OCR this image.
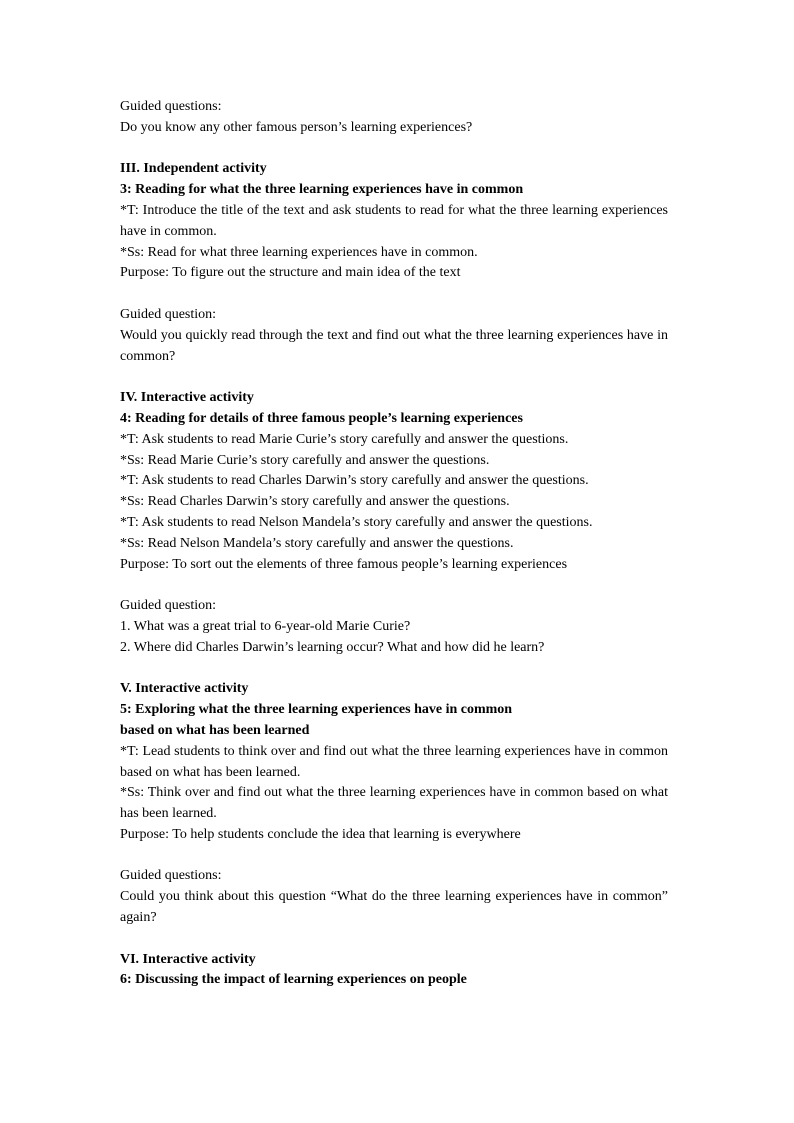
Guided questions:
Do you know any other famous person’s learning experiences?
III. Independent activity
3: Reading for what the three learning experiences have in common
*T: Introduce the title of the text and ask students to read for what the three learning experiences have in common.
*Ss: Read for what three learning experiences have in common.
Purpose: To figure out the structure and main idea of the text
Guided question:
Would you quickly read through the text and find out what the three learning experiences have in common?
IV. Interactive activity
4: Reading for details of three famous people’s learning experiences
*T: Ask students to read Marie Curie’s story carefully and answer the questions.
*Ss: Read Marie Curie’s story carefully and answer the questions.
*T: Ask students to read Charles Darwin’s story carefully and answer the questions.
*Ss: Read Charles Darwin’s story carefully and answer the questions.
*T: Ask students to read Nelson Mandela’s story carefully and answer the questions.
*Ss: Read Nelson Mandela’s story carefully and answer the questions.
Purpose: To sort out the elements of three famous people’s learning experiences
Guided question:
1. What was a great trial to 6-year-old Marie Curie?
2. Where did Charles Darwin’s learning occur? What and how did he learn?
V. Interactive activity
5: Exploring what the three learning experiences have in common
based on what has been learned
*T: Lead students to think over and find out what the three learning experiences have in common based on what has been learned.
*Ss: Think over and find out what the three learning experiences have in common based on what has been learned.
Purpose: To help students conclude the idea that learning is everywhere
Guided questions:
Could you think about this question “What do the three learning experiences have in common” again?
VI. Interactive activity
6: Discussing the impact of learning experiences on people
